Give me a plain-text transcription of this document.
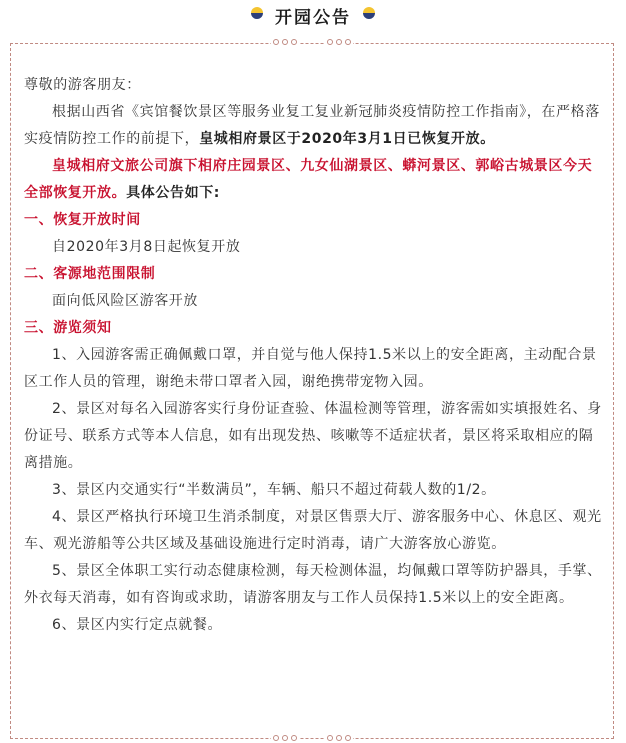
开园公告

尊敬的游客朋友：

根据山西省《宾馆餐饮景区等服务业复工复业新冠肺炎疫情防控工作指南》，在严格落实疫情防控工作的前提下，皇城相府景区于2020年3月1日已恢复开放。

皇城相府文旅公司旗下相府庄园景区、九女仙湖景区、蟒河景区、郭峪古城景区今天全部恢复开放。具体公告如下:

一、恢复开放时间

自2020年3月8日起恢复开放

二、客源地范围限制

面向低风险区游客开放

三、游览须知

1、入园游客需正确佩戴口罩，并自觉与他人保持1.5米以上的安全距离，主动配合景区工作人员的管理，谢绝未带口罩者入园，谢绝携带宠物入园。

2、景区对每名入园游客实行身份证查验、体温检测等管理，游客需如实填报姓名、身份证号、联系方式等本人信息，如有出现发热、咳嗽等不适症状者，景区将采取相应的隔离措施。

3、景区内交通实行“半数满员”，车辆、船只不超过荷载人数的1/2。

4、景区严格执行环境卫生消杀制度，对景区售票大厅、游客服务中心、休息区、观光车、观光游船等公共区域及基础设施进行定时消毒，请广大游客放心游览。

5、景区全体职工实行动态健康检测，每天检测体温，均佩戴口罩等防护器具，手掌、外衣每天消毒，如有咨询或求助，请游客朋友与工作人员保持1.5米以上的安全距离。

6、景区内实行定点就餐。
